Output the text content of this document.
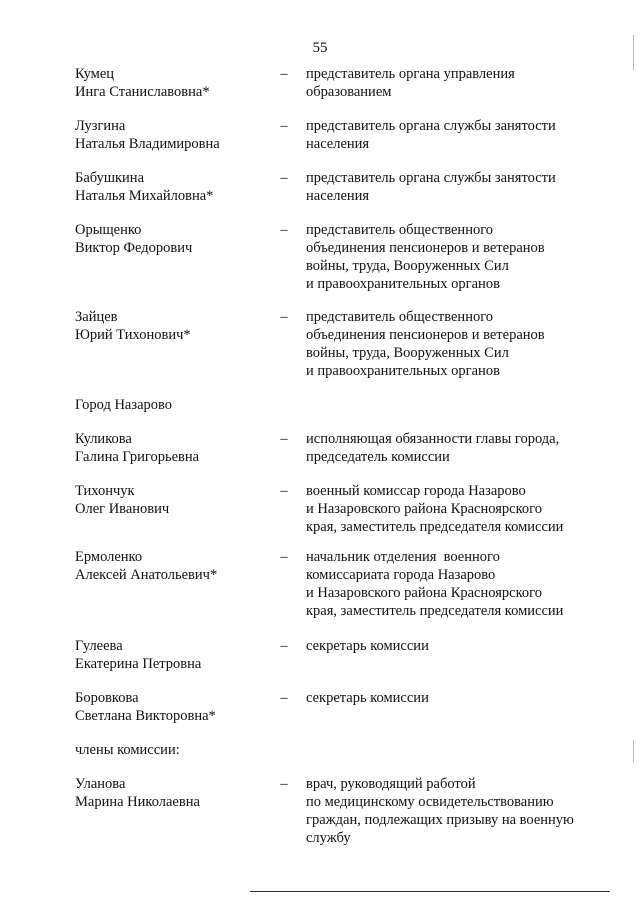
55
Кумец
Инга Станиславовна*
– представитель органа управления
образованием
Лузгина
Наталья Владимировна
– представитель органа службы занятости
населения
Бабушкина
Наталья Михайловна*
– представитель органа службы занятости
населения
Орыщенко
Виктор Федорович
– представитель общественного
объединения пенсионеров и ветеранов
войны, труда, Вооруженных Сил
и правоохранительных органов
Зайцев
Юрий Тихонович*
– представитель общественного
объединения пенсионеров и ветеранов
войны, труда, Вооруженных Сил
и правоохранительных органов
Город Назарово
Куликова
Галина Григорьевна
– исполняющая обязанности главы города,
председатель комиссии
Тихончук
Олег Иванович
– военный комиссар города Назарово
и Назаровского района Красноярского
края, заместитель председателя комиссии
Ермоленко
Алексей Анатольевич*
– начальник отделения  военного
комиссариата города Назарово
и Назаровского района Красноярского
края, заместитель председателя комиссии
Гулеева
Екатерина Петровна
– секретарь комиссии
Боровкова
Светлана Викторовна*
– секретарь комиссии
члены комиссии:
Уланова
Марина Николаевна
– врач, руководящий работой
по медицинскому освидетельствованию
граждан, подлежащих призыву на военную
службу
